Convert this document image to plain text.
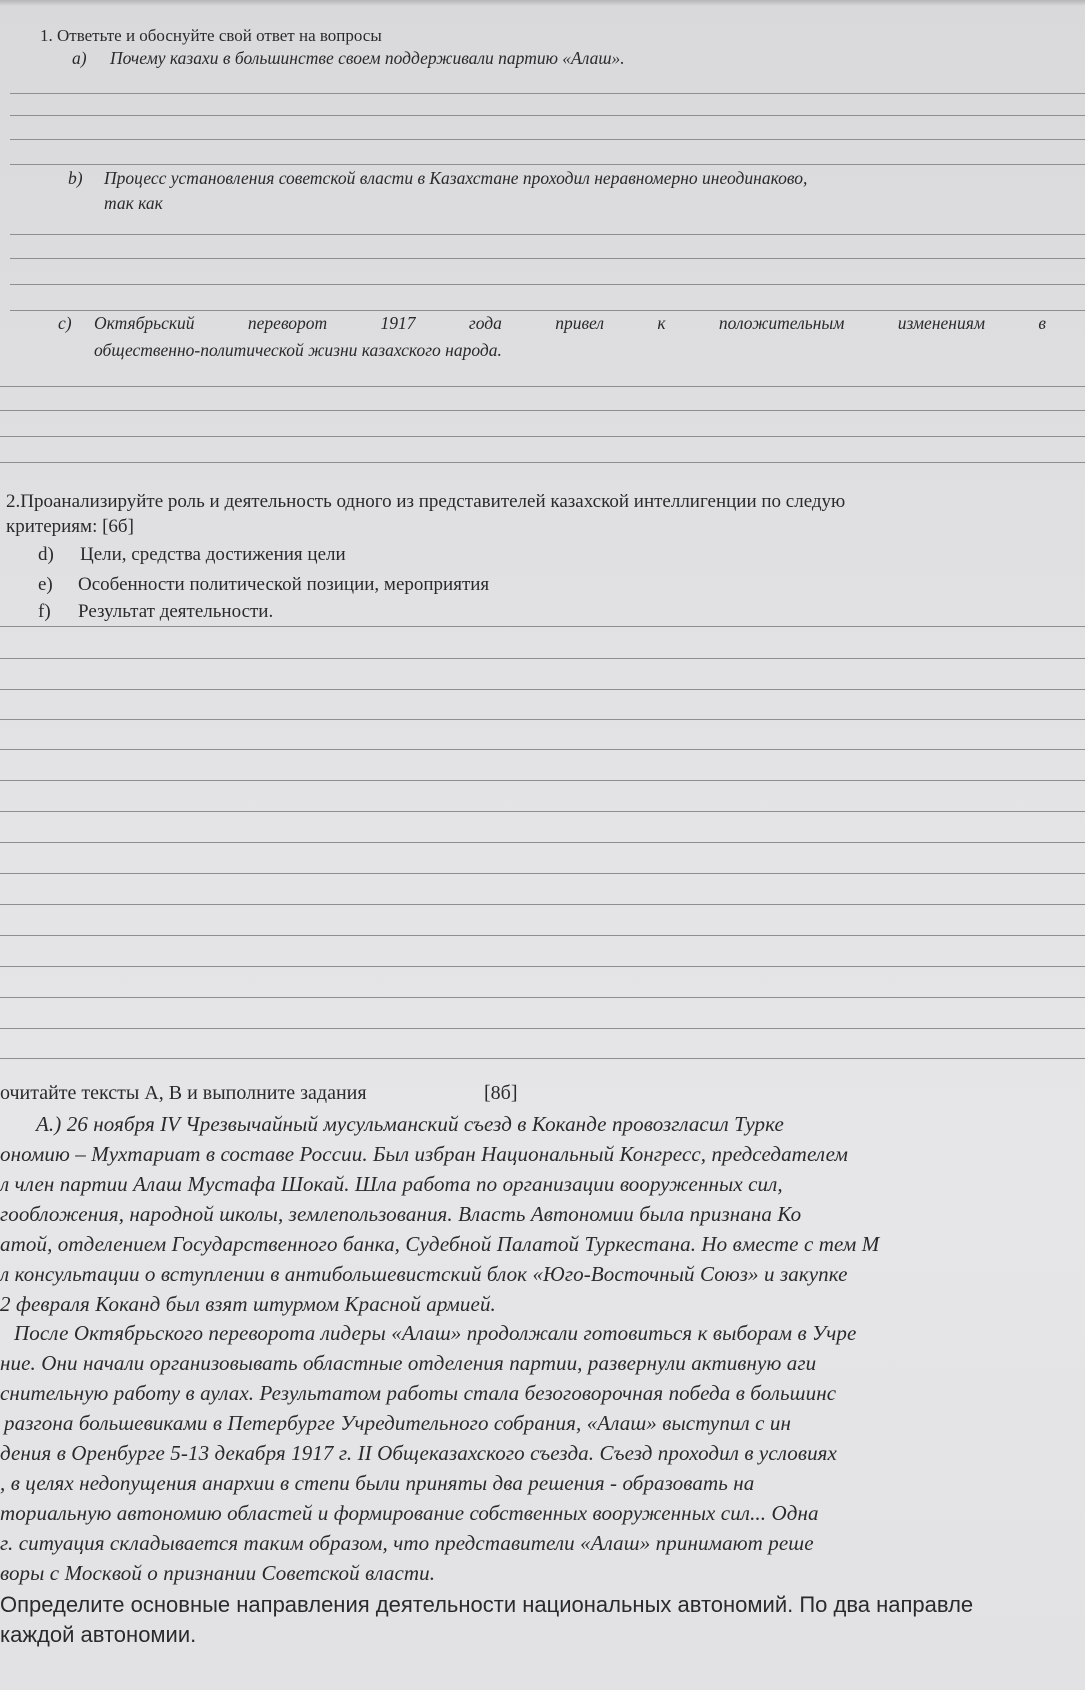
1. Ответьте и обоснуйте свой ответ на вопросы
a) Почему казахи в большинстве своем поддерживали партию «Алаш».
b) Процесс установления советской власти в Казахстане проходил неравномерно инеодинаково,
так как
c) Октябрьский	переворот	1917	года	привел	к	положительным	изменениям	в
общественно-политической жизни казахского народа.
2.Проанализируйте роль и деятельность одного из представителей казахской интеллигенции по следую
критериям: [6б]
d) Цели, средства достижения цели
e) Особенности политической позиции, мероприятия
f) Результат деятельности.
очитайте тексты А, В и выполните задания	[8б]
А.) 26 ноября IV Чрезвычайный мусульманский съезд в Коканде провозгласил Турке
ономию – Мухтариат в составе России. Был избран Национальный Конгресс, председателем
л член партии Алаш Мустафа Шокай. Шла работа по организации вооруженных сил,
гообложения, народной школы, землепользования. Власть Автономии была признана Ко
атой, отделением Государственного банка, Судебной Палатой Туркестана. Но вместе с тем М
л консультации о вступлении в антибольшевистский блок «Юго-Восточный Союз» и закупке
2 февраля Коканд был взят штурмом Красной армией.
После Октябрьского переворота лидеры «Алаш» продолжали готовиться к выборам в Учре
ние. Они начали организовывать областные отделения партии, развернули активную аги
снительную работу в аулах. Результатом работы стала безоговорочная победа в большинс
разгона большевиками в Петербурге Учредительного собрания, «Алаш» выступил с ин
дения в Оренбурге 5-13 декабря 1917 г. II Общеказахского съезда. Съезд проходил в условиях
, в целях недопущения анархии в степи были приняты два решения - образовать на
ториальную автономию областей и формирование собственных вооруженных сил... Одна
г. ситуация складывается таким образом, что представители «Алаш» принимают реше
воры с Москвой о признании Советской власти.
Определите основные направления деятельности национальных автономий. По два направле
каждой автономии.
